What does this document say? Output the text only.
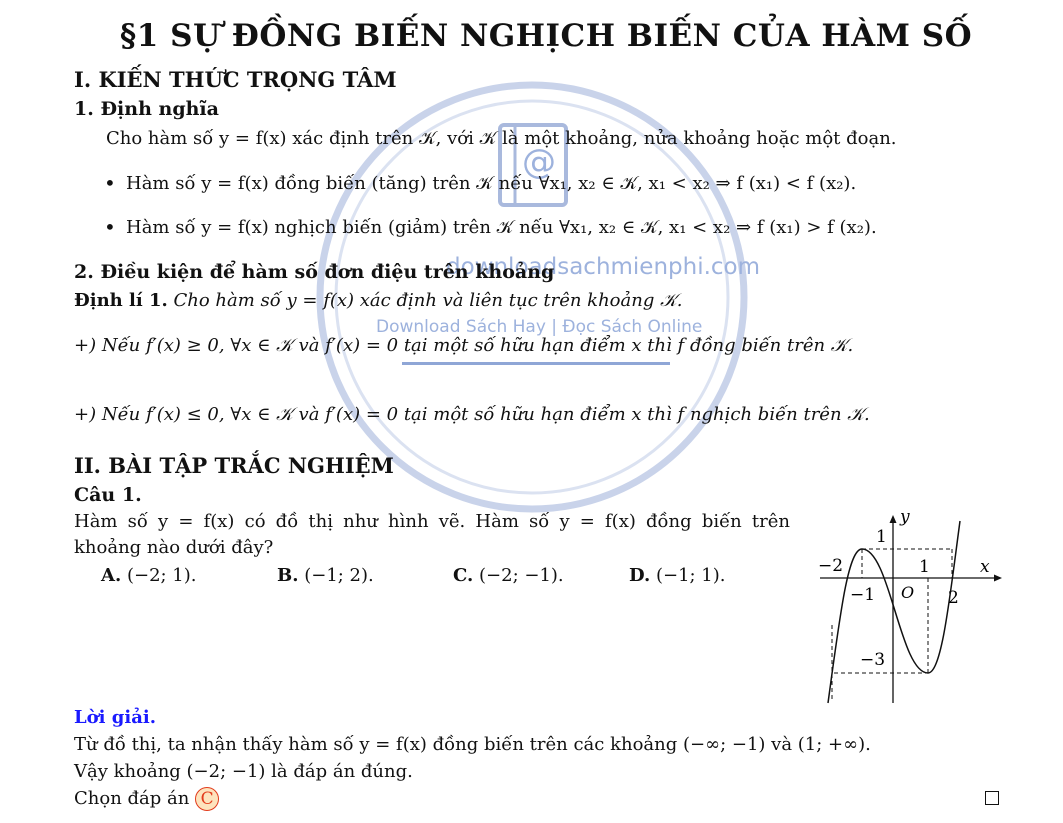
@
downloadsachmienphi.com
Download Sách Hay | Đọc Sách Online
§1 SỰ ĐỒNG BIẾN NGHỊCH BIẾN CỦA HÀM SỐ
I. KIẾN THỨC TRỌNG TÂM
1. Định nghĩa
Cho hàm số y = f(x) xác định trên 𝒦, với 𝒦 là một khoảng, nửa khoảng hoặc một đoạn.
• Hàm số y = f(x) đồng biến (tăng) trên 𝒦 nếu ∀x₁, x₂ ∈ 𝒦, x₁ < x₂ ⇒ f (x₁) < f (x₂).
• Hàm số y = f(x) nghịch biến (giảm) trên 𝒦 nếu ∀x₁, x₂ ∈ 𝒦, x₁ < x₂ ⇒ f (x₁) > f (x₂).
2. Điều kiện để hàm số đơn điệu trên khoảng
Định lí 1. Cho hàm số y = f(x) xác định và liên tục trên khoảng 𝒦.
+) Nếu f′(x) ≥ 0, ∀x ∈ 𝒦 và f′(x) = 0 tại một số hữu hạn điểm x thì f đồng biến trên 𝒦.
+) Nếu f′(x) ≤ 0, ∀x ∈ 𝒦 và f′(x) = 0 tại một số hữu hạn điểm x thì f nghịch biến trên 𝒦.
II. BÀI TẬP TRẮC NGHIỆM
Câu 1.
Hàm số y = f(x) có đồ thị như hình vẽ. Hàm số y = f(x) đồng biến trên
khoảng nào dưới đây?
A. (−2; 1).	B. (−1; 2).	C. (−2; −1).	D. (−1; 1).
y
x
O
−2
−1
1
2
1
−3
Lời giải.
Từ đồ thị, ta nhận thấy hàm số y = f(x) đồng biến trên các khoảng (−∞; −1) và (1; +∞).
Vậy khoảng (−2; −1) là đáp án đúng.
Chọn đáp án C
